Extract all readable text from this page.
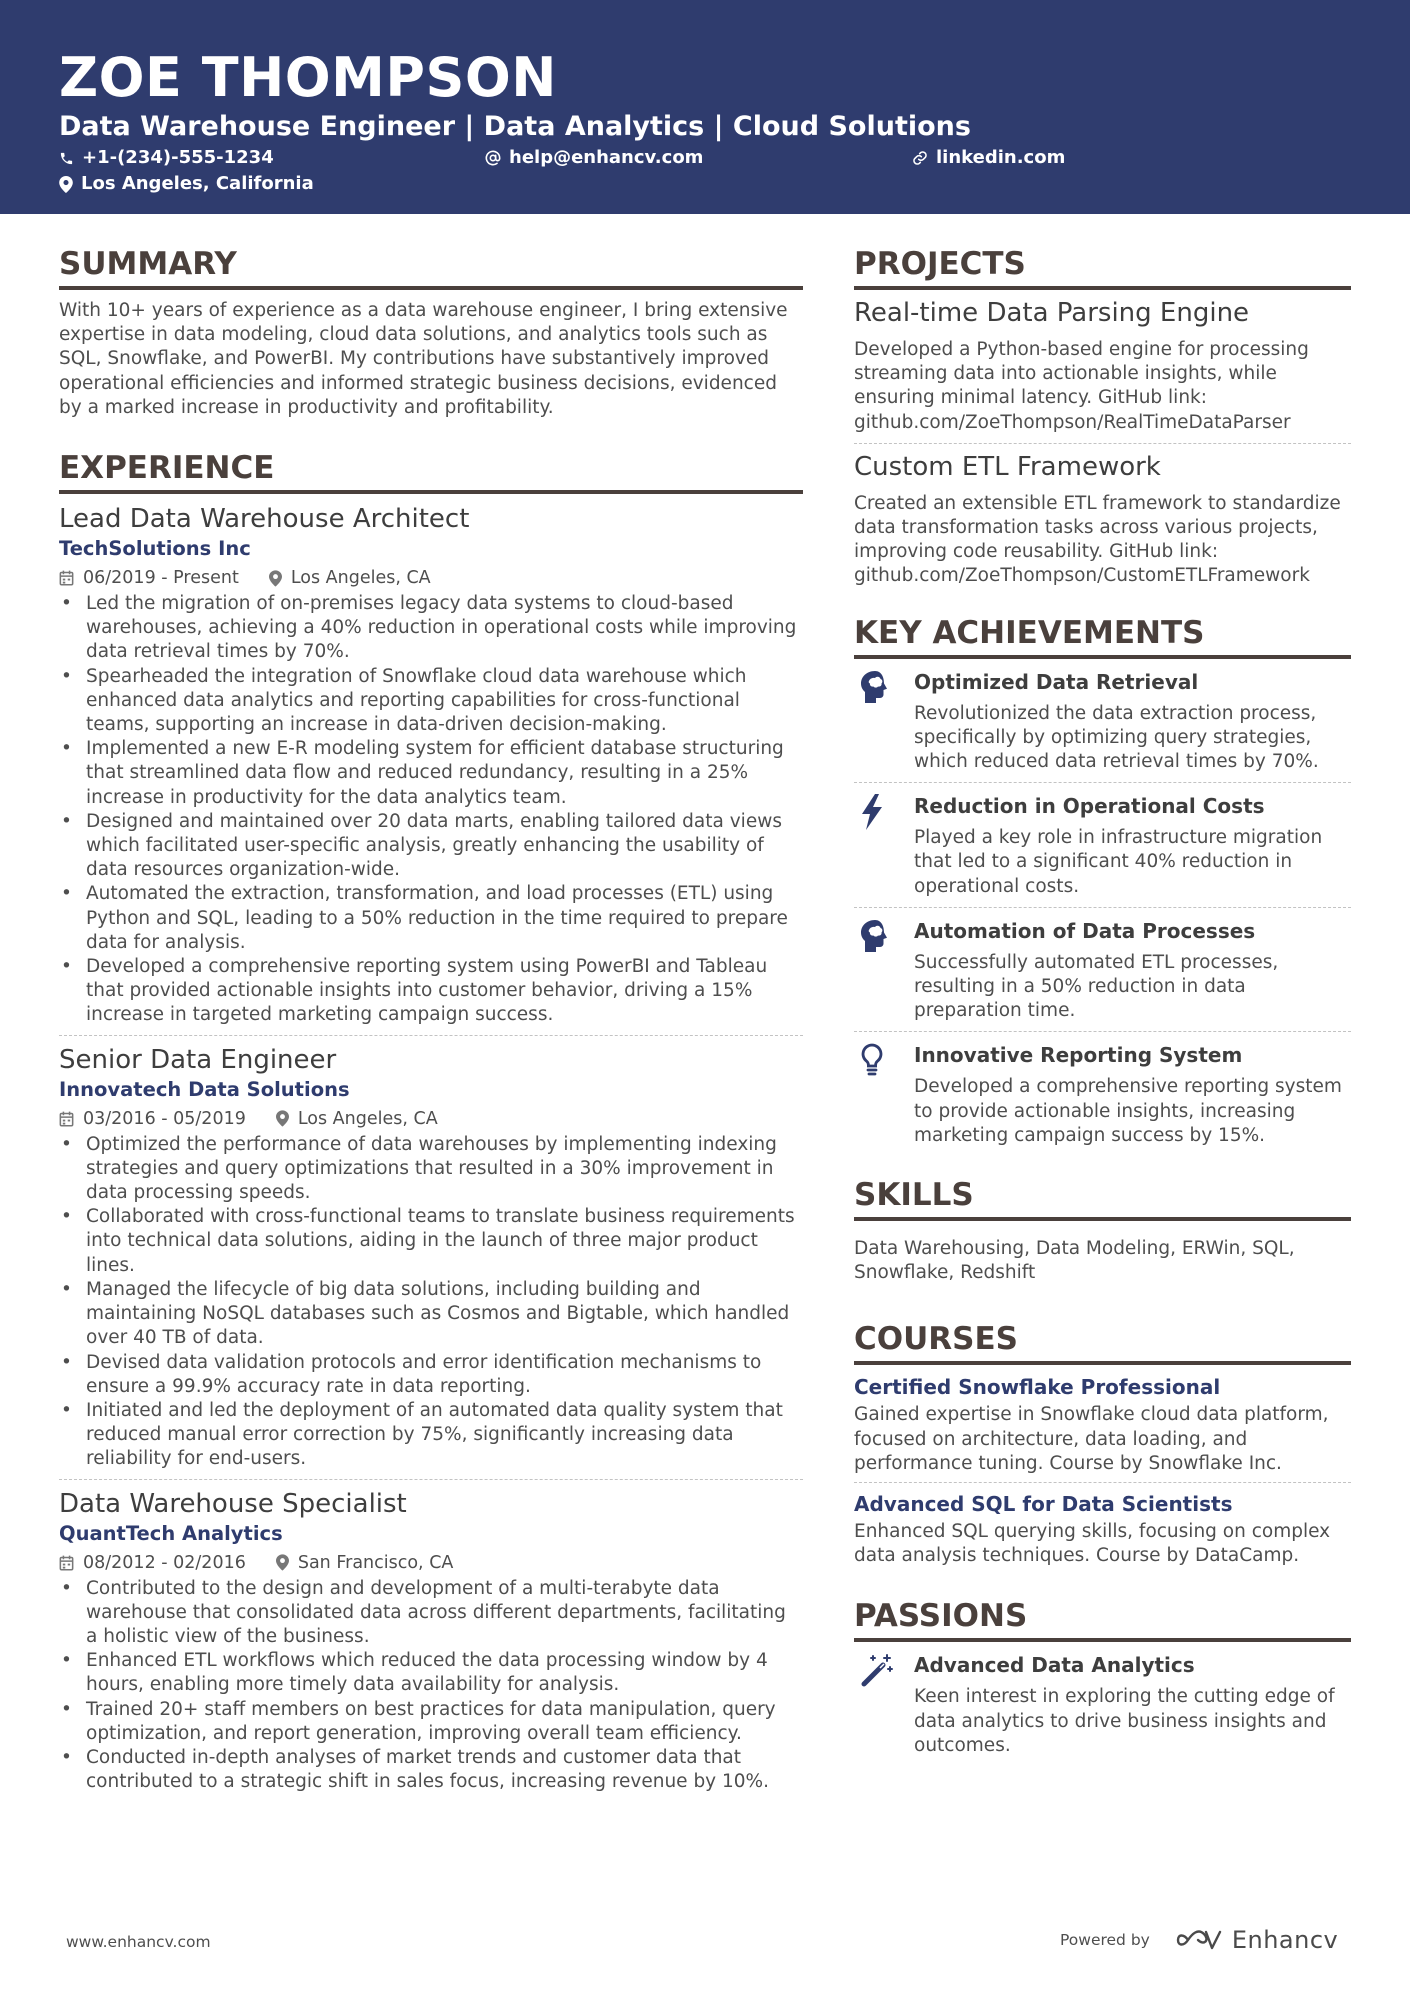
ZOE THOMPSON
Data Warehouse Engineer | Data Analytics | Cloud Solutions
+1-(234)-555-1234	help@enhancv.com	linkedin.com
Los Angeles, California
SUMMARY

With 10+ years of experience as a data warehouse engineer, I bring extensive expertise in data modeling, cloud data solutions, and analytics tools such as SQL, Snowflake, and PowerBI. My contributions have substantively improved operational efficiencies and informed strategic business decisions, evidenced by a marked increase in productivity and profitability.

EXPERIENCE
Lead Data Warehouse Architect
TechSolutions Inc
06/2019 - Present	Los Angeles, CA
• Led the migration of on-premises legacy data systems to cloud-based warehouses, achieving a 40% reduction in operational costs while improving data retrieval times by 70%.
• Spearheaded the integration of Snowflake cloud data warehouse which enhanced data analytics and reporting capabilities for cross-functional teams, supporting an increase in data-driven decision-making.
• Implemented a new E-R modeling system for efficient database structuring that streamlined data flow and reduced redundancy, resulting in a 25% increase in productivity for the data analytics team.
• Designed and maintained over 20 data marts, enabling tailored data views which facilitated user-specific analysis, greatly enhancing the usability of data resources organization-wide.
• Automated the extraction, transformation, and load processes (ETL) using Python and SQL, leading to a 50% reduction in the time required to prepare data for analysis.
• Developed a comprehensive reporting system using PowerBI and Tableau that provided actionable insights into customer behavior, driving a 15% increase in targeted marketing campaign success.
Senior Data Engineer
Innovatech Data Solutions
03/2016 - 05/2019	Los Angeles, CA
• Optimized the performance of data warehouses by implementing indexing strategies and query optimizations that resulted in a 30% improvement in data processing speeds.
• Collaborated with cross-functional teams to translate business requirements into technical data solutions, aiding in the launch of three major product lines.
• Managed the lifecycle of big data solutions, including building and maintaining NoSQL databases such as Cosmos and Bigtable, which handled over 40 TB of data.
• Devised data validation protocols and error identification mechanisms to ensure a 99.9% accuracy rate in data reporting.
• Initiated and led the deployment of an automated data quality system that reduced manual error correction by 75%, significantly increasing data reliability for end-users.
Data Warehouse Specialist
QuantTech Analytics
08/2012 - 02/2016	San Francisco, CA
• Contributed to the design and development of a multi-terabyte data warehouse that consolidated data across different departments, facilitating a holistic view of the business.
• Enhanced ETL workflows which reduced the data processing window by 4 hours, enabling more timely data availability for analysis.
• Trained 20+ staff members on best practices for data manipulation, query optimization, and report generation, improving overall team efficiency.
• Conducted in-depth analyses of market trends and customer data that contributed to a strategic shift in sales focus, increasing revenue by 10%.
PROJECTS
Real-time Data Parsing Engine

Developed a Python-based engine for processing streaming data into actionable insights, while ensuring minimal latency. GitHub link: github.com/ZoeThompson/RealTimeDataParser

Custom ETL Framework

Created an extensible ETL framework to standardize data transformation tasks across various projects, improving code reusability. GitHub link: github.com/ZoeThompson/CustomETLFramework

KEY ACHIEVEMENTS
Optimized Data Retrieval

Revolutionized the data extraction process, specifically by optimizing query strategies, which reduced data retrieval times by 70%.

Reduction in Operational Costs

Played a key role in infrastructure migration that led to a significant 40% reduction in operational costs.

Automation of Data Processes

Successfully automated ETL processes, resulting in a 50% reduction in data preparation time.

Innovative Reporting System

Developed a comprehensive reporting system to provide actionable insights, increasing marketing campaign success by 15%.

SKILLS

Data Warehousing, Data Modeling, ERWin, SQL, Snowflake, Redshift

COURSES
Certified Snowflake Professional

Gained expertise in Snowflake cloud data platform, focused on architecture, data loading, and performance tuning. Course by Snowflake Inc.

Advanced SQL for Data Scientists

Enhanced SQL querying skills, focusing on complex data analysis techniques. Course by DataCamp.

PASSIONS
Advanced Data Analytics

Keen interest in exploring the cutting edge of data analytics to drive business insights and outcomes.

www.enhancv.com	Powered by	Enhancv
